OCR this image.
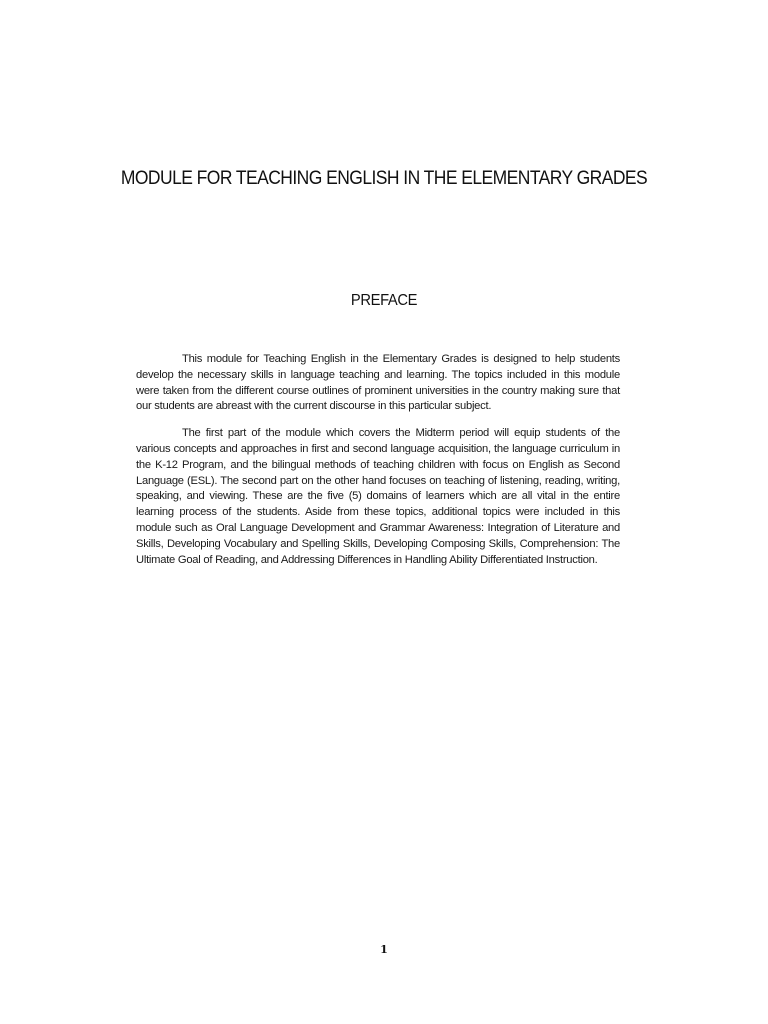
MODULE FOR TEACHING ENGLISH IN THE ELEMENTARY GRADES
PREFACE

This module for Teaching English in the Elementary Grades is designed to help students develop the necessary skills in language teaching and learning. The topics included in this module were taken from the different course outlines of prominent universities in the country making sure that our students are abreast with the current discourse in this particular subject.

The first part of the module which covers the Midterm period will equip students of the various concepts and approaches in first and second language acquisition, the language curriculum in the K-12 Program, and the bilingual methods of teaching children with focus on English as Second Language (ESL). The second part on the other hand focuses on teaching of listening, reading, writing, speaking, and viewing. These are the five (5) domains of learners which are all vital in the entire learning process of the students. Aside from these topics, additional topics were included in this module such as Oral Language Development and Grammar Awareness: Integration of Literature and Skills, Developing Vocabulary and Spelling Skills, Developing Composing Skills, Comprehension: The Ultimate Goal of Reading, and Addressing Differences in Handling Ability Differentiated Instruction.

1
